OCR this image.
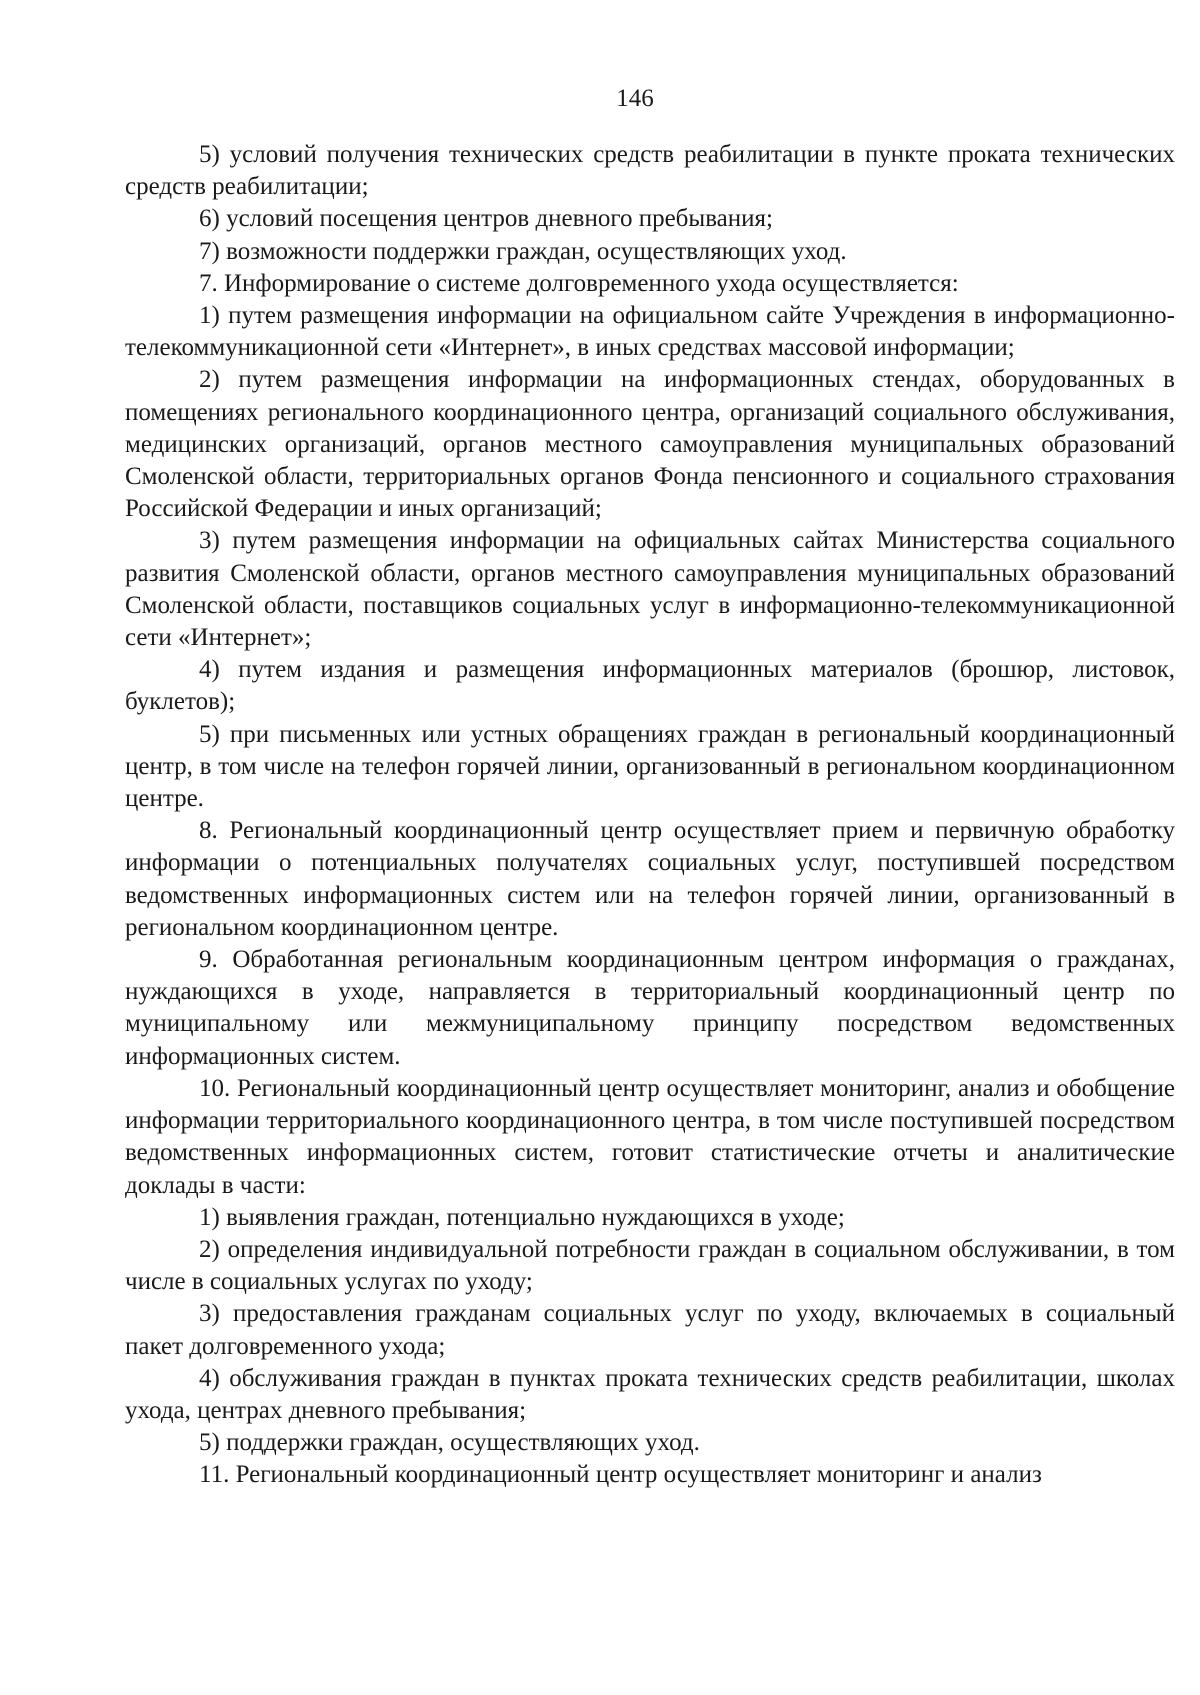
146

5) условий получения технических средств реабилитации в пункте проката технических средств реабилитации;

6) условий посещения центров дневного пребывания;

7) возможности поддержки граждан, осуществляющих уход.

7. Информирование о системе долговременного ухода осуществляется:

1) путем размещения информации на официальном сайте Учреждения в информационно-телекоммуникационной сети «Интернет», в иных средствах массовой информации;

2) путем размещения информации на информационных стендах, оборудованных в помещениях регионального координационного центра, организаций социального обслуживания, медицинских организаций, органов местного самоуправления муниципальных образований Смоленской области, территориальных органов Фонда пенсионного и социального страхования Российской Федерации и иных организаций;

3) путем размещения информации на официальных сайтах Министерства социального развития Смоленской области, органов местного самоуправления муниципальных образований Смоленской области, поставщиков социальных услуг в информационно-телекоммуникационной сети «Интернет»;

4) путем издания и размещения информационных материалов (брошюр, листовок, буклетов);

5) при письменных или устных обращениях граждан в региональный координационный центр, в том числе на телефон горячей линии, организованный в региональном координационном центре.

8. Региональный координационный центр осуществляет прием и первичную обработку информации о потенциальных получателях социальных услуг, поступившей посредством ведомственных информационных систем или на телефон горячей линии, организованный в региональном координационном центре.

9. Обработанная региональным координационным центром информация о гражданах, нуждающихся в уходе, направляется в территориальный координационный центр по муниципальному или межмуниципальному принципу посредством ведомственных информационных систем.

10. Региональный координационный центр осуществляет мониторинг, анализ и обобщение информации территориального координационного центра, в том числе поступившей посредством ведомственных информационных систем, готовит статистические отчеты и аналитические доклады в части:

1) выявления граждан, потенциально нуждающихся в уходе;

2) определения индивидуальной потребности граждан в социальном обслуживании, в том числе в социальных услугах по уходу;

3) предоставления гражданам социальных услуг по уходу, включаемых в социальный пакет долговременного ухода;

4) обслуживания граждан в пунктах проката технических средств реабилитации, школах ухода, центрах дневного пребывания;

5) поддержки граждан, осуществляющих уход.

11. Региональный координационный центр осуществляет мониторинг и анализ
